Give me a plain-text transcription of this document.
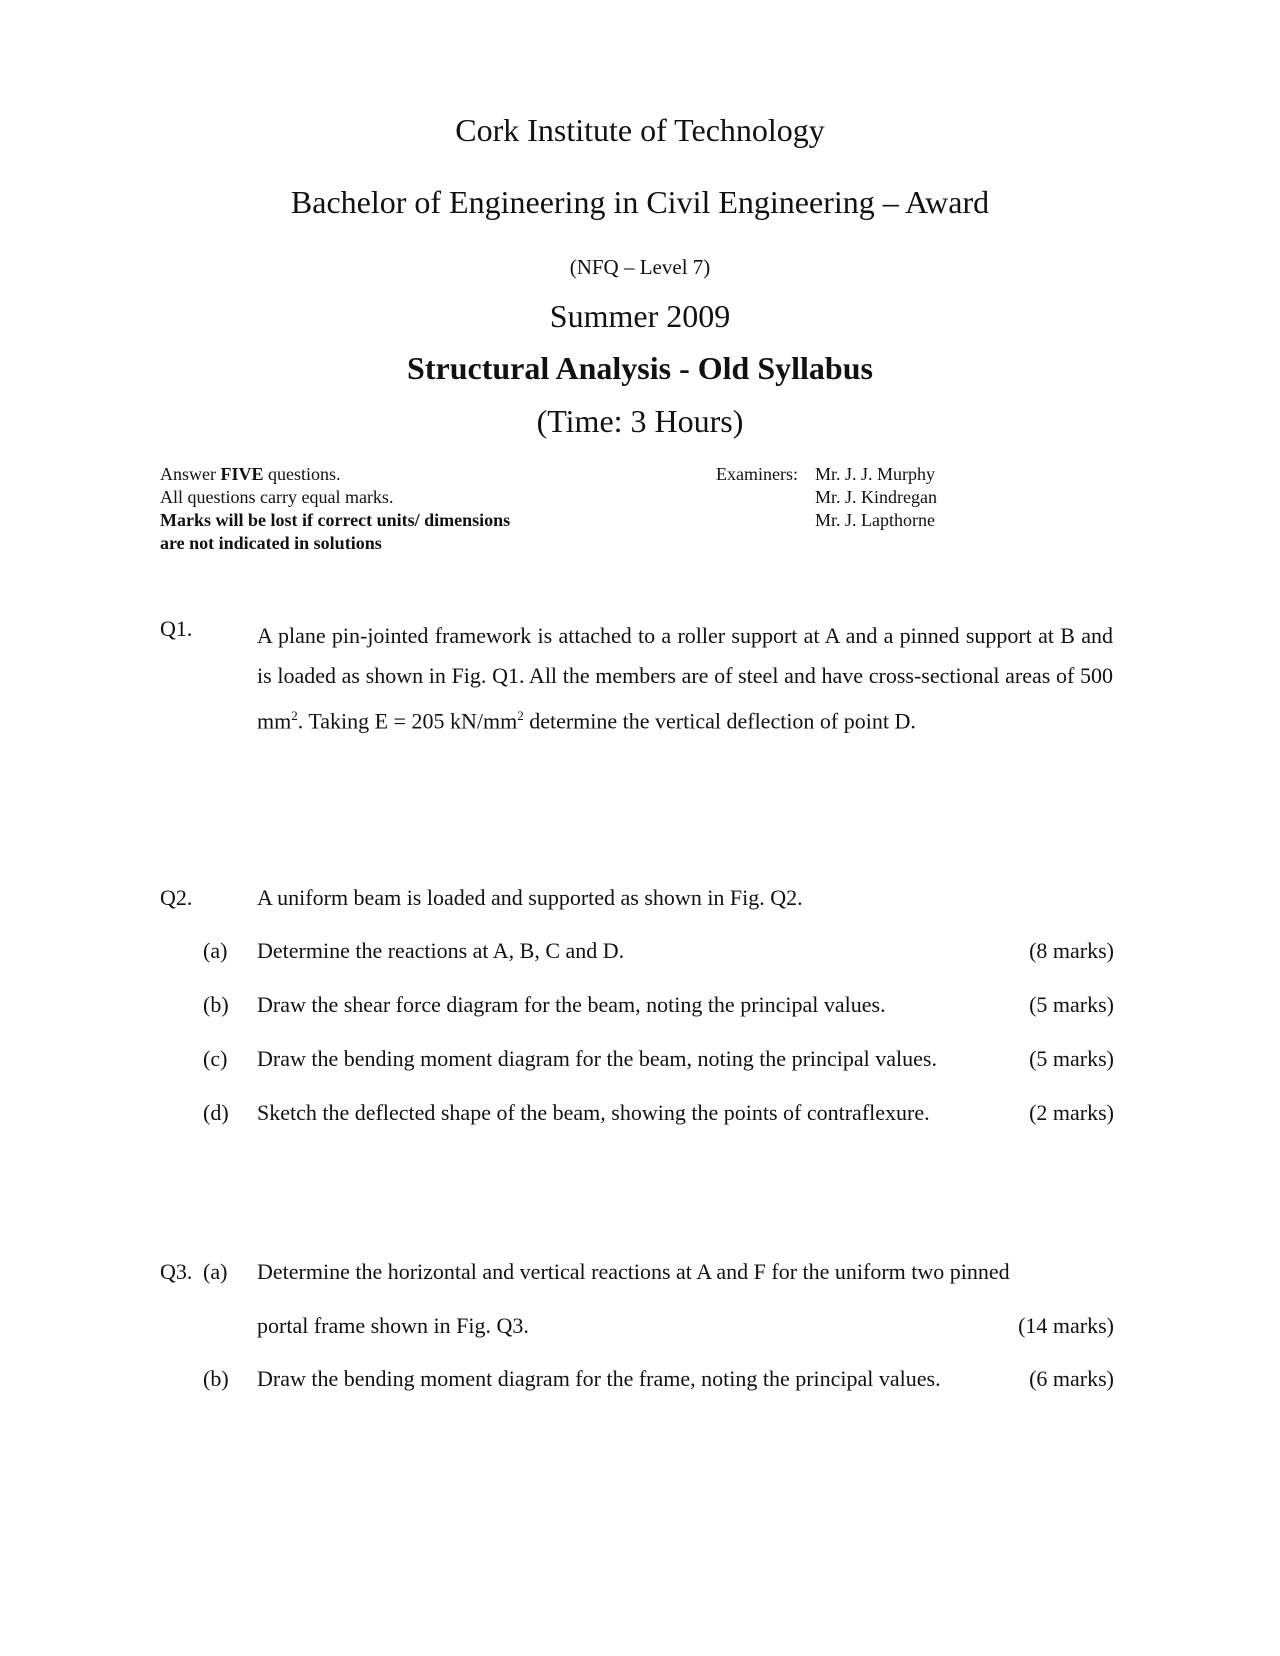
Cork Institute of Technology
Bachelor of Engineering in Civil Engineering – Award
(NFQ – Level 7)
Summer 2009
Structural Analysis - Old Syllabus
(Time: 3 Hours)
Answer FIVE questions.
All questions carry equal marks.
Marks will be lost if correct units/ dimensions
are not indicated in solutions
Examiners: Mr. J. J. Murphy
Mr. J. Kindregan
Mr. J. Lapthorne
Q1.	A plane pin-jointed framework is attached to a roller support at A and a pinned support at B and is loaded as shown in Fig. Q1. All the members are of steel and have cross-sectional areas of 500 $mm^2$. Taking E = 205 $kN/mm^2$ determine the vertical deflection of point D.
Q2.	A uniform beam is loaded and supported as shown in Fig. Q2.
(a) Determine the reactions at A, B, C and D.	(8 marks)
(b) Draw the shear force diagram for the beam, noting the principal values.	(5 marks)
(c) Draw the bending moment diagram for the beam, noting the principal values.	(5 marks)
(d) Sketch the deflected shape of the beam, showing the points of contraflexure.	(2 marks)
Q3. (a) Determine the horizontal and vertical reactions at A and F for the uniform two pinned
portal frame shown in Fig. Q3.	(14 marks)
(b) Draw the bending moment diagram for the frame, noting the principal values.	(6 marks)
